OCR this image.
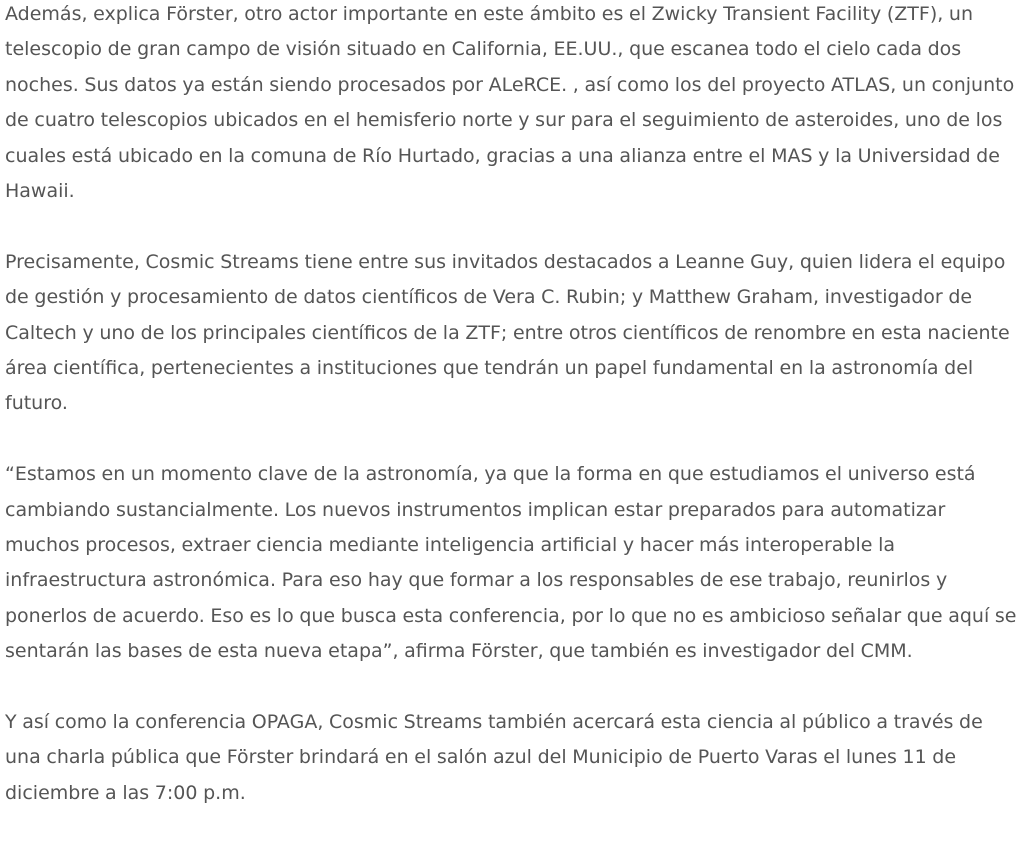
Además, explica Förster, otro actor importante en este ámbito es el Zwicky Transient Facility (ZTF), un telescopio de gran campo de visión situado en California, EE.UU., que escanea todo el cielo cada dos noches. Sus datos ya están siendo procesados por ALeRCE. , así como los del proyecto ATLAS, un conjunto de cuatro telescopios ubicados en el hemisferio norte y sur para el seguimiento de asteroides, uno de los cuales está ubicado en la comuna de Río Hurtado, gracias a una alianza entre el MAS y la Universidad de Hawaii.

Precisamente, Cosmic Streams tiene entre sus invitados destacados a Leanne Guy, quien lidera el equipo de gestión y procesamiento de datos científicos de Vera C. Rubin; y Matthew Graham, investigador de Caltech y uno de los principales científicos de la ZTF; entre otros científicos de renombre en esta naciente área científica, pertenecientes a instituciones que tendrán un papel fundamental en la astronomía del futuro.

“Estamos en un momento clave de la astronomía, ya que la forma en que estudiamos el universo está cambiando sustancialmente. Los nuevos instrumentos implican estar preparados para automatizar muchos procesos, extraer ciencia mediante inteligencia artificial y hacer más interoperable la infraestructura astronómica. Para eso hay que formar a los responsables de ese trabajo, reunirlos y ponerlos de acuerdo. Eso es lo que busca esta conferencia, por lo que no es ambicioso señalar que aquí se sentarán las bases de esta nueva etapa”, afirma Förster, que también es investigador del CMM.

Y así como la conferencia OPAGA, Cosmic Streams también acercará esta ciencia al público a través de una charla pública que Förster brindará en el salón azul del Municipio de Puerto Varas el lunes 11 de diciembre a las 7:00 p.m.
